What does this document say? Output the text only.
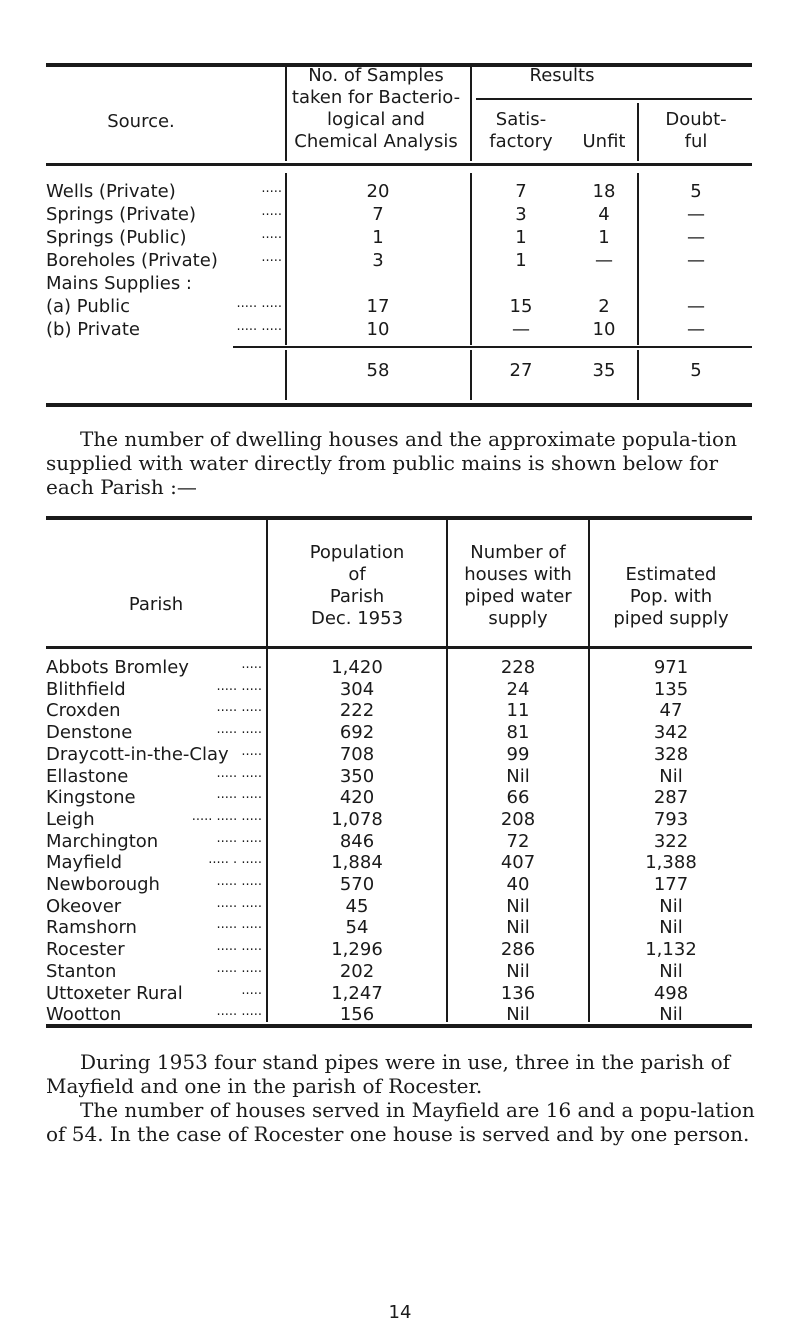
Source.
No. of Samples
taken for Bacterio-
logical and
Chemical Analysis
Results
Satis-
factory	Unfit
Doubt-
ful
Wells (Private)	.....	20	7	18	5
Springs (Private)	.....	7	3	4	—
Springs (Public)	.....	1	1	1	—
Boreholes (Private)	.....	3	1	—	—
Mains Supplies :
(a) Public	..... .....	17	15	2	—
(b) Private	..... .....	10	—	10	—
58	27	35	5

The number of dwelling houses and the approximate popula-tion supplied with water directly from public mains is shown below for each Parish :—

Parish
Population
of
Parish
Dec. 1953
Number of
houses with
piped water
supply
Estimated
Pop. with
piped supply
Abbots Bromley	.....	1,420	228	971
Blithfield	..... .....	304	24	135
Croxden	..... .....	222	11	47
Denstone	..... .....	692	81	342
Draycott-in-the-Clay .....	708	99	328
Ellastone	..... .....	350	Nil	Nil
Kingstone	..... .....	420	66	287
Leigh	..... ..... .....	1,078	208	793
Marchington	..... .....	846	72	322
Mayfield	..... . .....	1,884	407	1,388
Newborough	..... .....	570	40	177
Okeover	..... .....	45	Nil	Nil
Ramshorn	..... .....	54	Nil	Nil
Rocester	..... .....	1,296	286	1,132
Stanton	..... .....	202	Nil	Nil
Uttoxeter Rural	.....	1,247	136	498
Wootton	..... .....	156	Nil	Nil

During 1953 four stand pipes were in use, three in the parish of Mayfield and one in the parish of Rocester.

The number of houses served in Mayfield are 16 and a popu-lation of 54. In the case of Rocester one house is served and by one person.

14
